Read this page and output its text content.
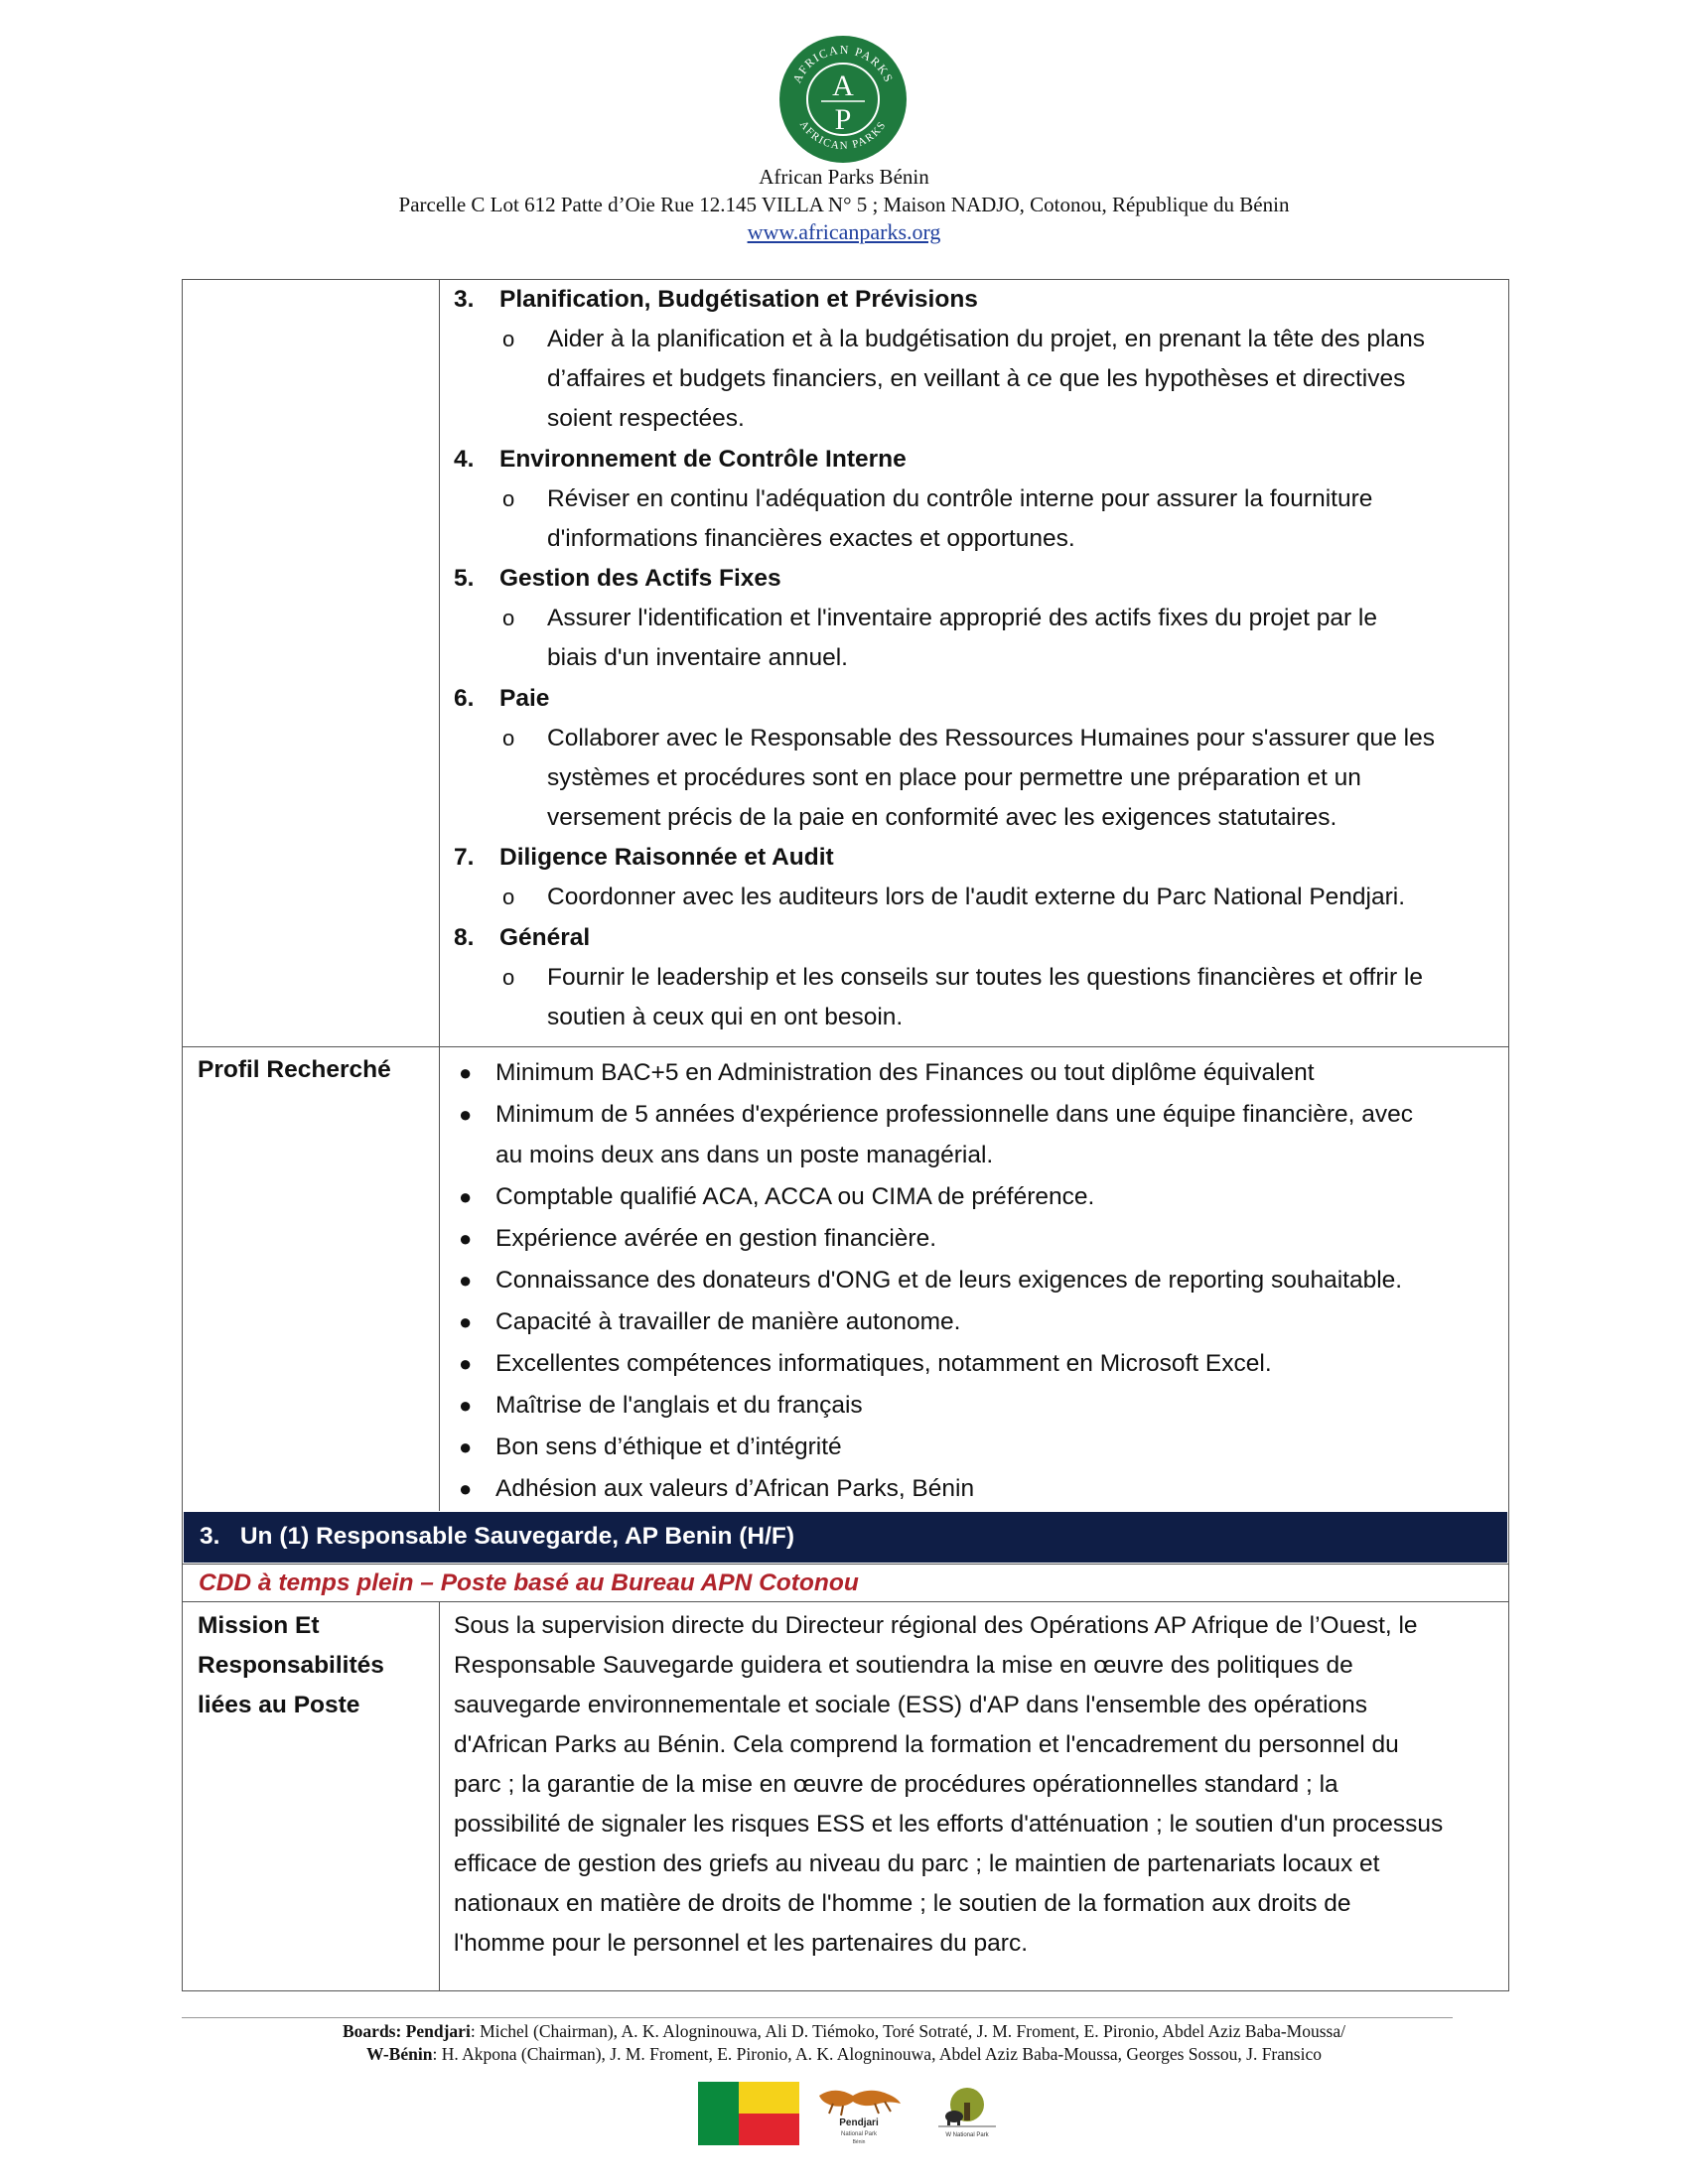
AFRICAN PARKS
AFRICAN PARKS
A
P
African Parks Bénin
Parcelle C Lot 612 Patte d’Oie Rue 12.145 VILLA N° 5 ; Maison NADJO, Cotonou, République du Bénin
www.africanparks.org
3. Planification, Budgétisation et Prévisions
o Aider à la planification et à la budgétisation du projet, en prenant la tête des plans
d’affaires et budgets financiers, en veillant à ce que les hypothèses et directives
soient respectées.
4. Environnement de Contrôle Interne
o Réviser en continu l'adéquation du contrôle interne pour assurer la fourniture
d'informations financières exactes et opportunes.
5. Gestion des Actifs Fixes
o Assurer l'identification et l'inventaire approprié des actifs fixes du projet par le
biais d'un inventaire annuel.
6. Paie
o Collaborer avec le Responsable des Ressources Humaines pour s'assurer que les
systèmes et procédures sont en place pour permettre une préparation et un
versement précis de la paie en conformité avec les exigences statutaires.
7. Diligence Raisonnée et Audit
o Coordonner avec les auditeurs lors de l'audit externe du Parc National Pendjari.
8. Général
o Fournir le leadership et les conseils sur toutes les questions financières et offrir le
soutien à ceux qui en ont besoin.
Profil Recherché	● Minimum BAC+5 en Administration des Finances ou tout diplôme équivalent
● Minimum de 5 années d'expérience professionnelle dans une équipe financière, avec
au moins deux ans dans un poste managérial.
● Comptable qualifié ACA, ACCA ou CIMA de préférence.
● Expérience avérée en gestion financière.
● Connaissance des donateurs d'ONG et de leurs exigences de reporting souhaitable.
● Capacité à travailler de manière autonome.
● Excellentes compétences informatiques, notamment en Microsoft Excel.
● Maîtrise de l'anglais et du français
● Bon sens d’éthique et d’intégrité
● Adhésion aux valeurs d’African Parks, Bénin
3. Un (1) Responsable Sauvegarde, AP Benin (H/F)
CDD à temps plein – Poste basé au Bureau APN Cotonou
Mission Et
Responsabilités
liées au Poste
Sous la supervision directe du Directeur régional des Opérations AP Afrique de l’Ouest, le
Responsable Sauvegarde guidera et soutiendra la mise en œuvre des politiques de
sauvegarde environnementale et sociale (ESS) d'AP dans l'ensemble des opérations
d'African Parks au Bénin. Cela comprend la formation et l'encadrement du personnel du
parc ; la garantie de la mise en œuvre de procédures opérationnelles standard ; la
possibilité de signaler les risques ESS et les efforts d'atténuation ; le soutien d'un processus
efficace de gestion des griefs au niveau du parc ; le maintien de partenariats locaux et
nationaux en matière de droits de l'homme ; le soutien de la formation aux droits de
l'homme pour le personnel et les partenaires du parc.
Boards: Pendjari: Michel (Chairman), A. K. Alogninouwa, Ali D. Tiémoko, Toré Sotraté, J. M. Froment, E. Pironio, Abdel Aziz Baba-Moussa/
W-Bénin: H. Akpona (Chairman), J. M. Froment, E. Pironio, A. K. Alogninouwa, Abdel Aziz Baba-Moussa, Georges Sossou, J. Fransico
Pendjari
National Park
Bénin
W National Park
